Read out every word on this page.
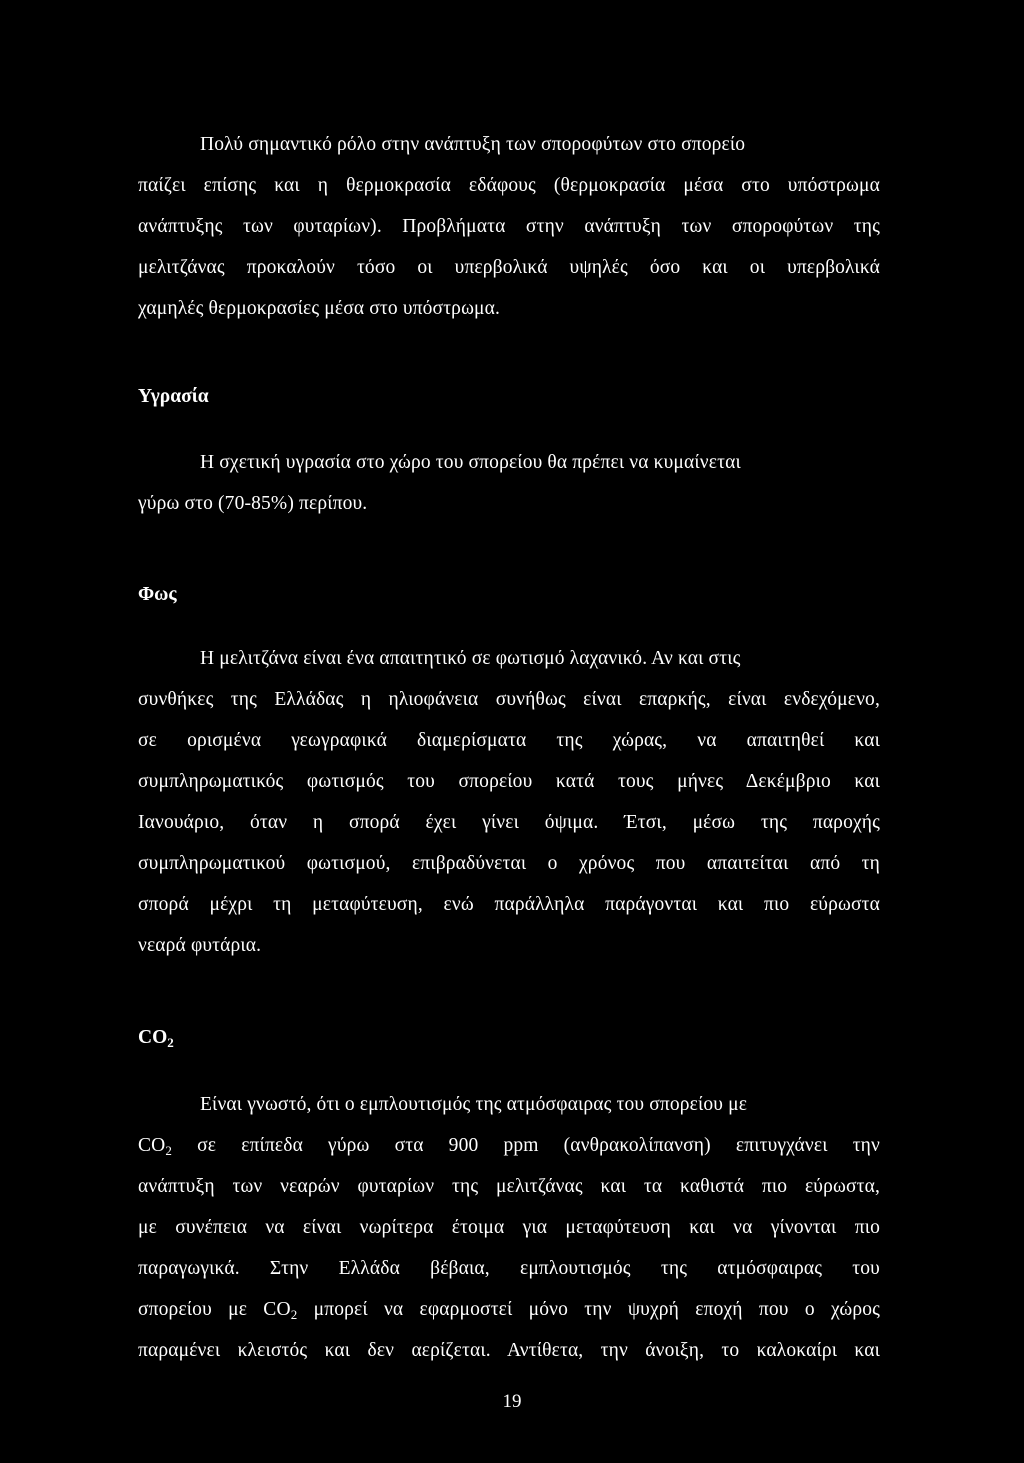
Πολύ σημαντικό ρόλο στην ανάπτυξη των σποροφύτων στο σπορείο
παίζει επίσης και η θερμοκρασία εδάφους (θερμοκρασία μέσα στο υπόστρωμα
ανάπτυξης των φυταρίων). Προβλήματα στην ανάπτυξη των σποροφύτων της
μελιτζάνας προκαλούν τόσο οι υπερβολικά υψηλές όσο και οι υπερβολικά
χαμηλές θερμοκρασίες μέσα στο υπόστρωμα.
Υγρασία
Η σχετική υγρασία στο χώρο του σπορείου θα πρέπει να κυμαίνεται
γύρω στο (70-85%) περίπου.
Φως
Η μελιτζάνα είναι ένα απαιτητικό σε φωτισμό λαχανικό. Αν και στις
συνθήκες της Ελλάδας η ηλιοφάνεια συνήθως είναι επαρκής, είναι ενδεχόμενο,
σε ορισμένα γεωγραφικά διαμερίσματα της χώρας, να απαιτηθεί και
συμπληρωματικός φωτισμός του σπορείου κατά τους μήνες Δεκέμβριο και
Ιανουάριο, όταν η σπορά έχει γίνει όψιμα. Έτσι, μέσω της παροχής
συμπληρωματικού φωτισμού, επιβραδύνεται ο χρόνος που απαιτείται από τη
σπορά μέχρι τη μεταφύτευση, ενώ παράλληλα παράγονται και πιο εύρωστα
νεαρά φυτάρια.
$CO_2$
Είναι γνωστό, ότι ο εμπλουτισμός της ατμόσφαιρας του σπορείου με
$CO_2$ σε επίπεδα γύρω στα 900 ppm (ανθρακολίπανση) επιτυγχάνει την
ανάπτυξη των νεαρών φυταρίων της μελιτζάνας και τα καθιστά πιο εύρωστα,
με συνέπεια να είναι νωρίτερα έτοιμα για μεταφύτευση και να γίνονται πιο
παραγωγικά. Στην Ελλάδα βέβαια, εμπλουτισμός της ατμόσφαιρας του
σπορείου με $CO_2$ μπορεί να εφαρμοστεί μόνο την ψυχρή εποχή που ο χώρος
παραμένει κλειστός και δεν αερίζεται. Αντίθετα, την άνοιξη, το καλοκαίρι και
19
